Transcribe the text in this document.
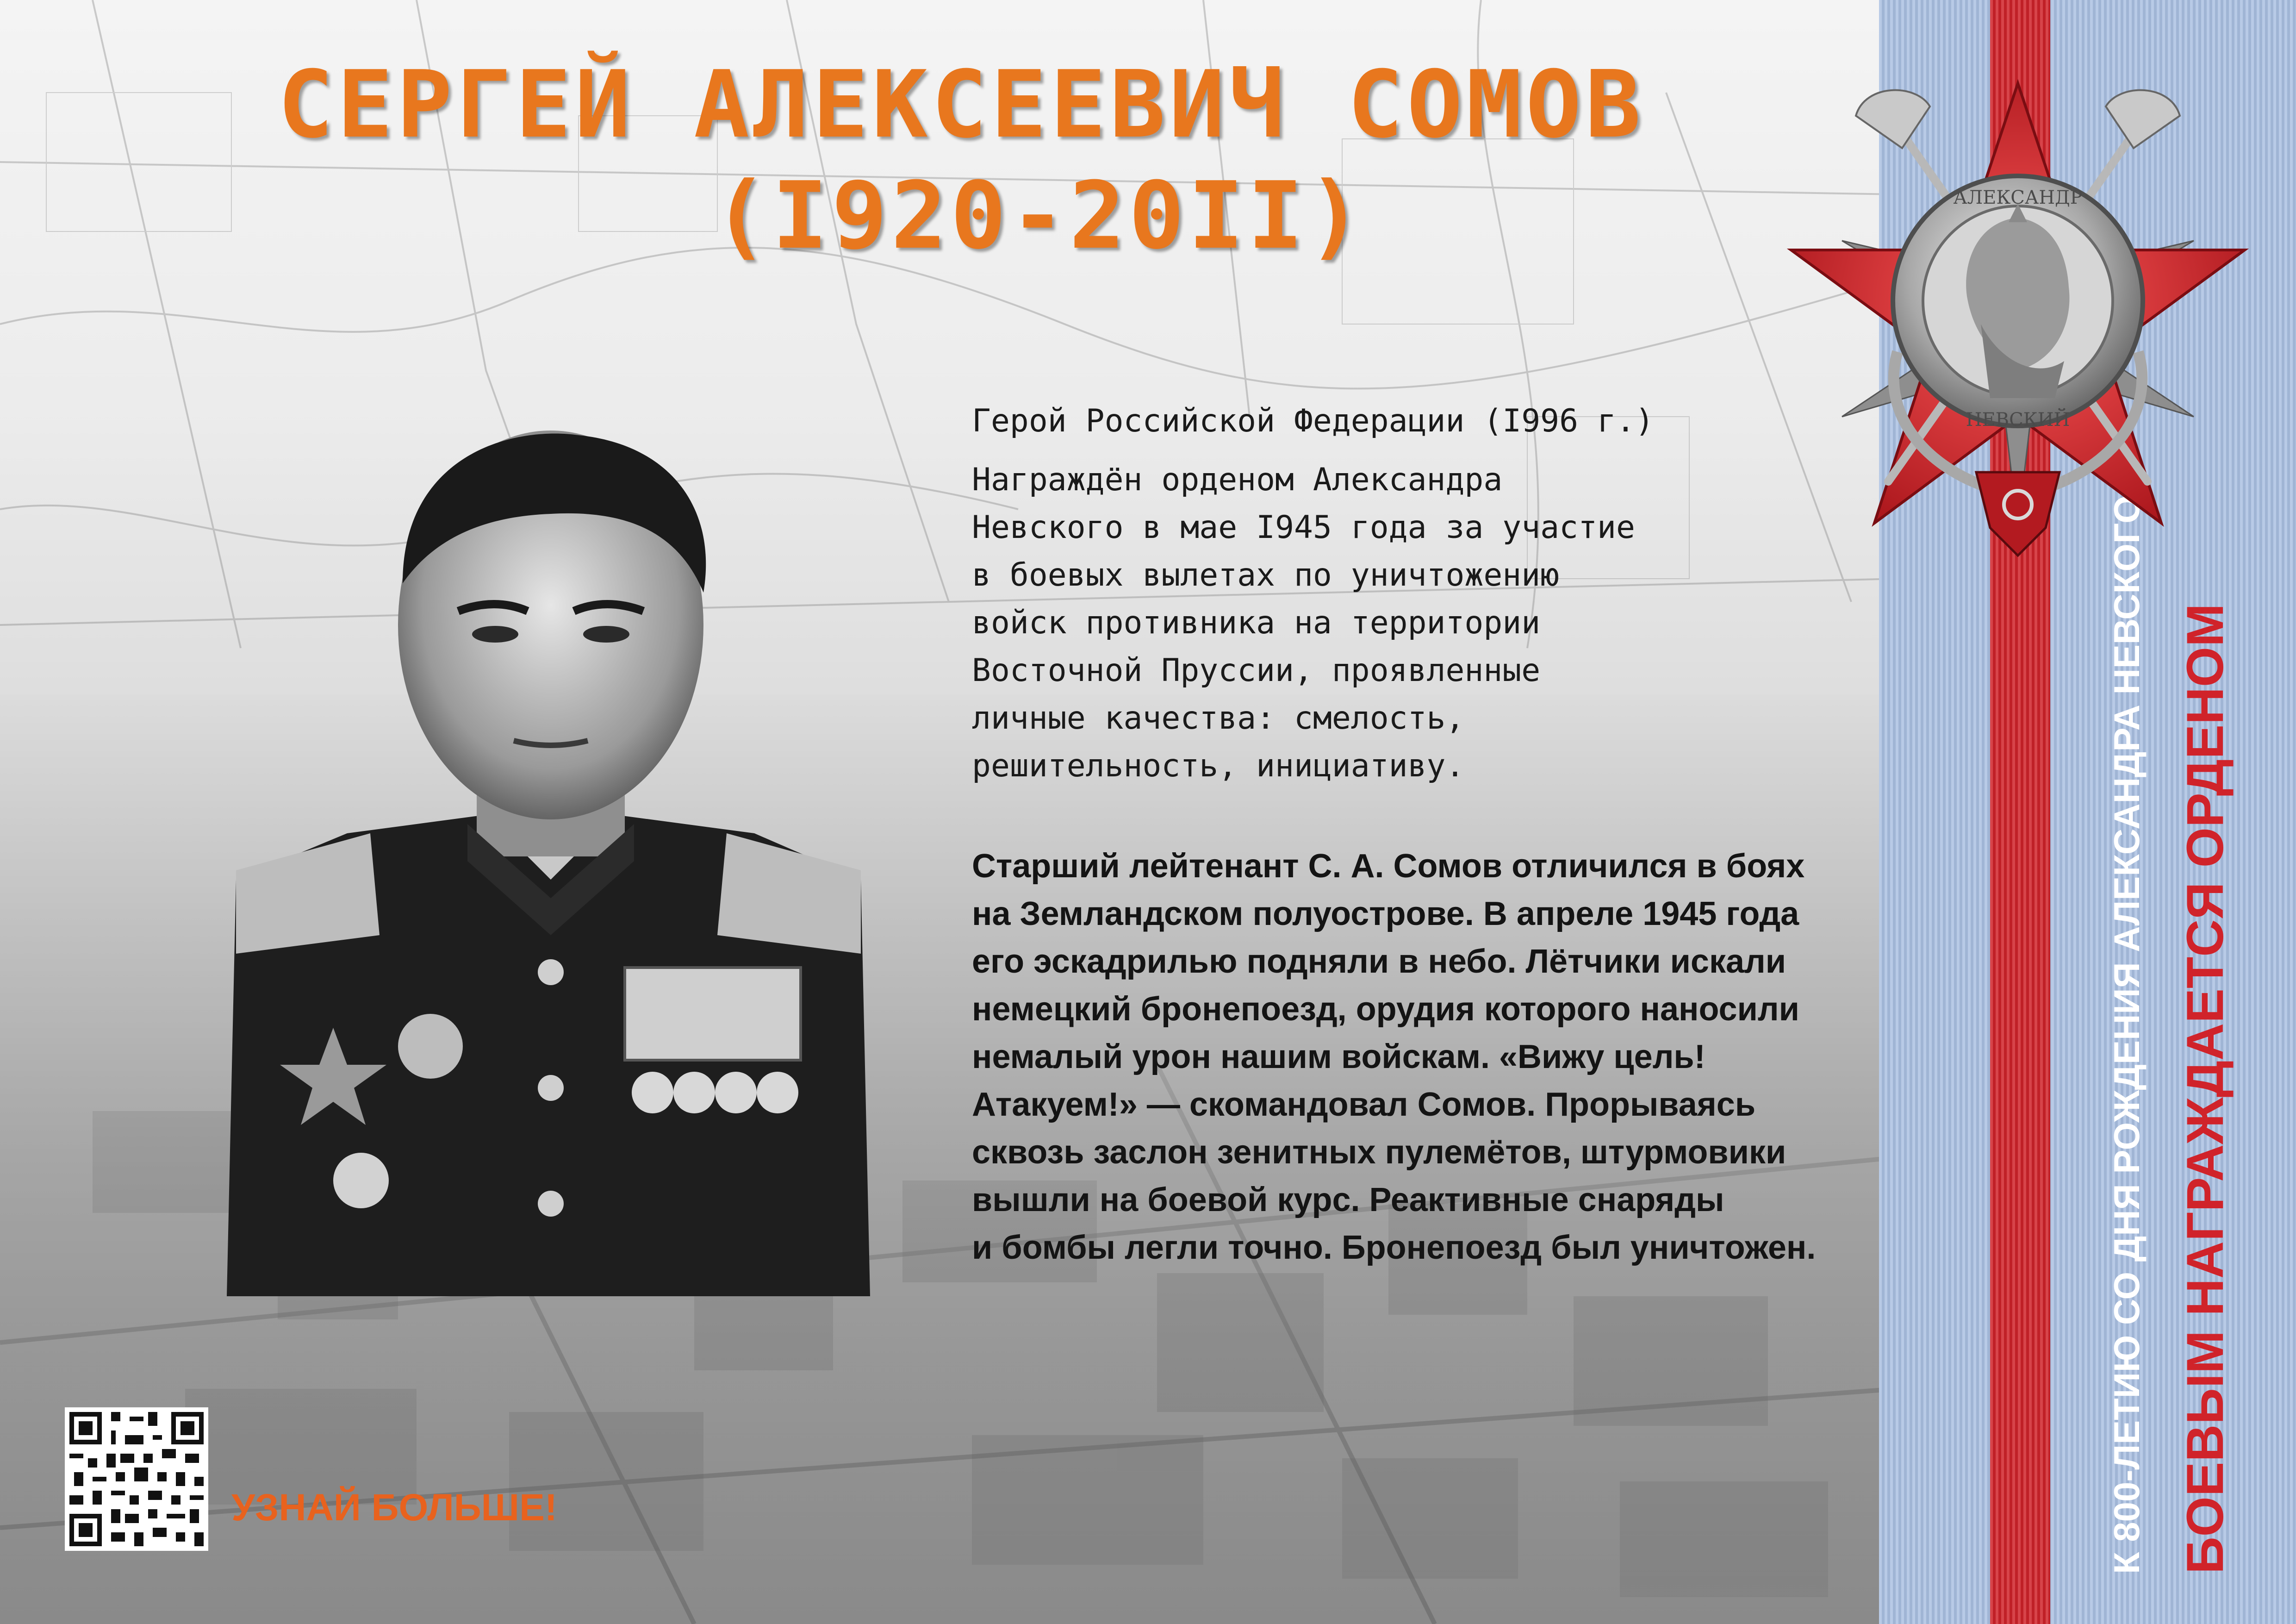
СЕРГЕЙ АЛЕКСЕЕВИЧ СОМОВ
(I920-20II)
Герой Российской Федерации (I996 г.)
Награждён орденом Александра
Невского в мае I945 года за участие
в боевых вылетах по уничтожению
войск противника на территории
Восточной Пруссии, проявленные
личные качества: смелость,
решительность, инициативу.
Старший лейтенант С. А. Сомов отличился в боях
на Земландском полуострове. В апреле 1945 года
его эскадрилью подняли в небо. Лётчики искали
немецкий бронепоезд, орудия которого наносили
немалый урон нашим войскам. «Вижу цель!
Атакуем!» — скомандовал Сомов. Прорываясь
сквозь заслон зенитных пулемётов, штурмовики
вышли на боевой курс. Реактивные снаряды
и бомбы легли точно. Бронепоезд был уничтожен.
УЗНАЙ БОЛЬШЕ!	К 800-ЛЕТИЮ СО ДНЯ РОЖДЕНИЯ АЛЕКСАНДРА НЕВСКОГО БОЕВЫМ НАГРАЖДАЕТСЯ ОРДЕНОМ
АЛЕКСАНДР
НЕВСКИЙ
